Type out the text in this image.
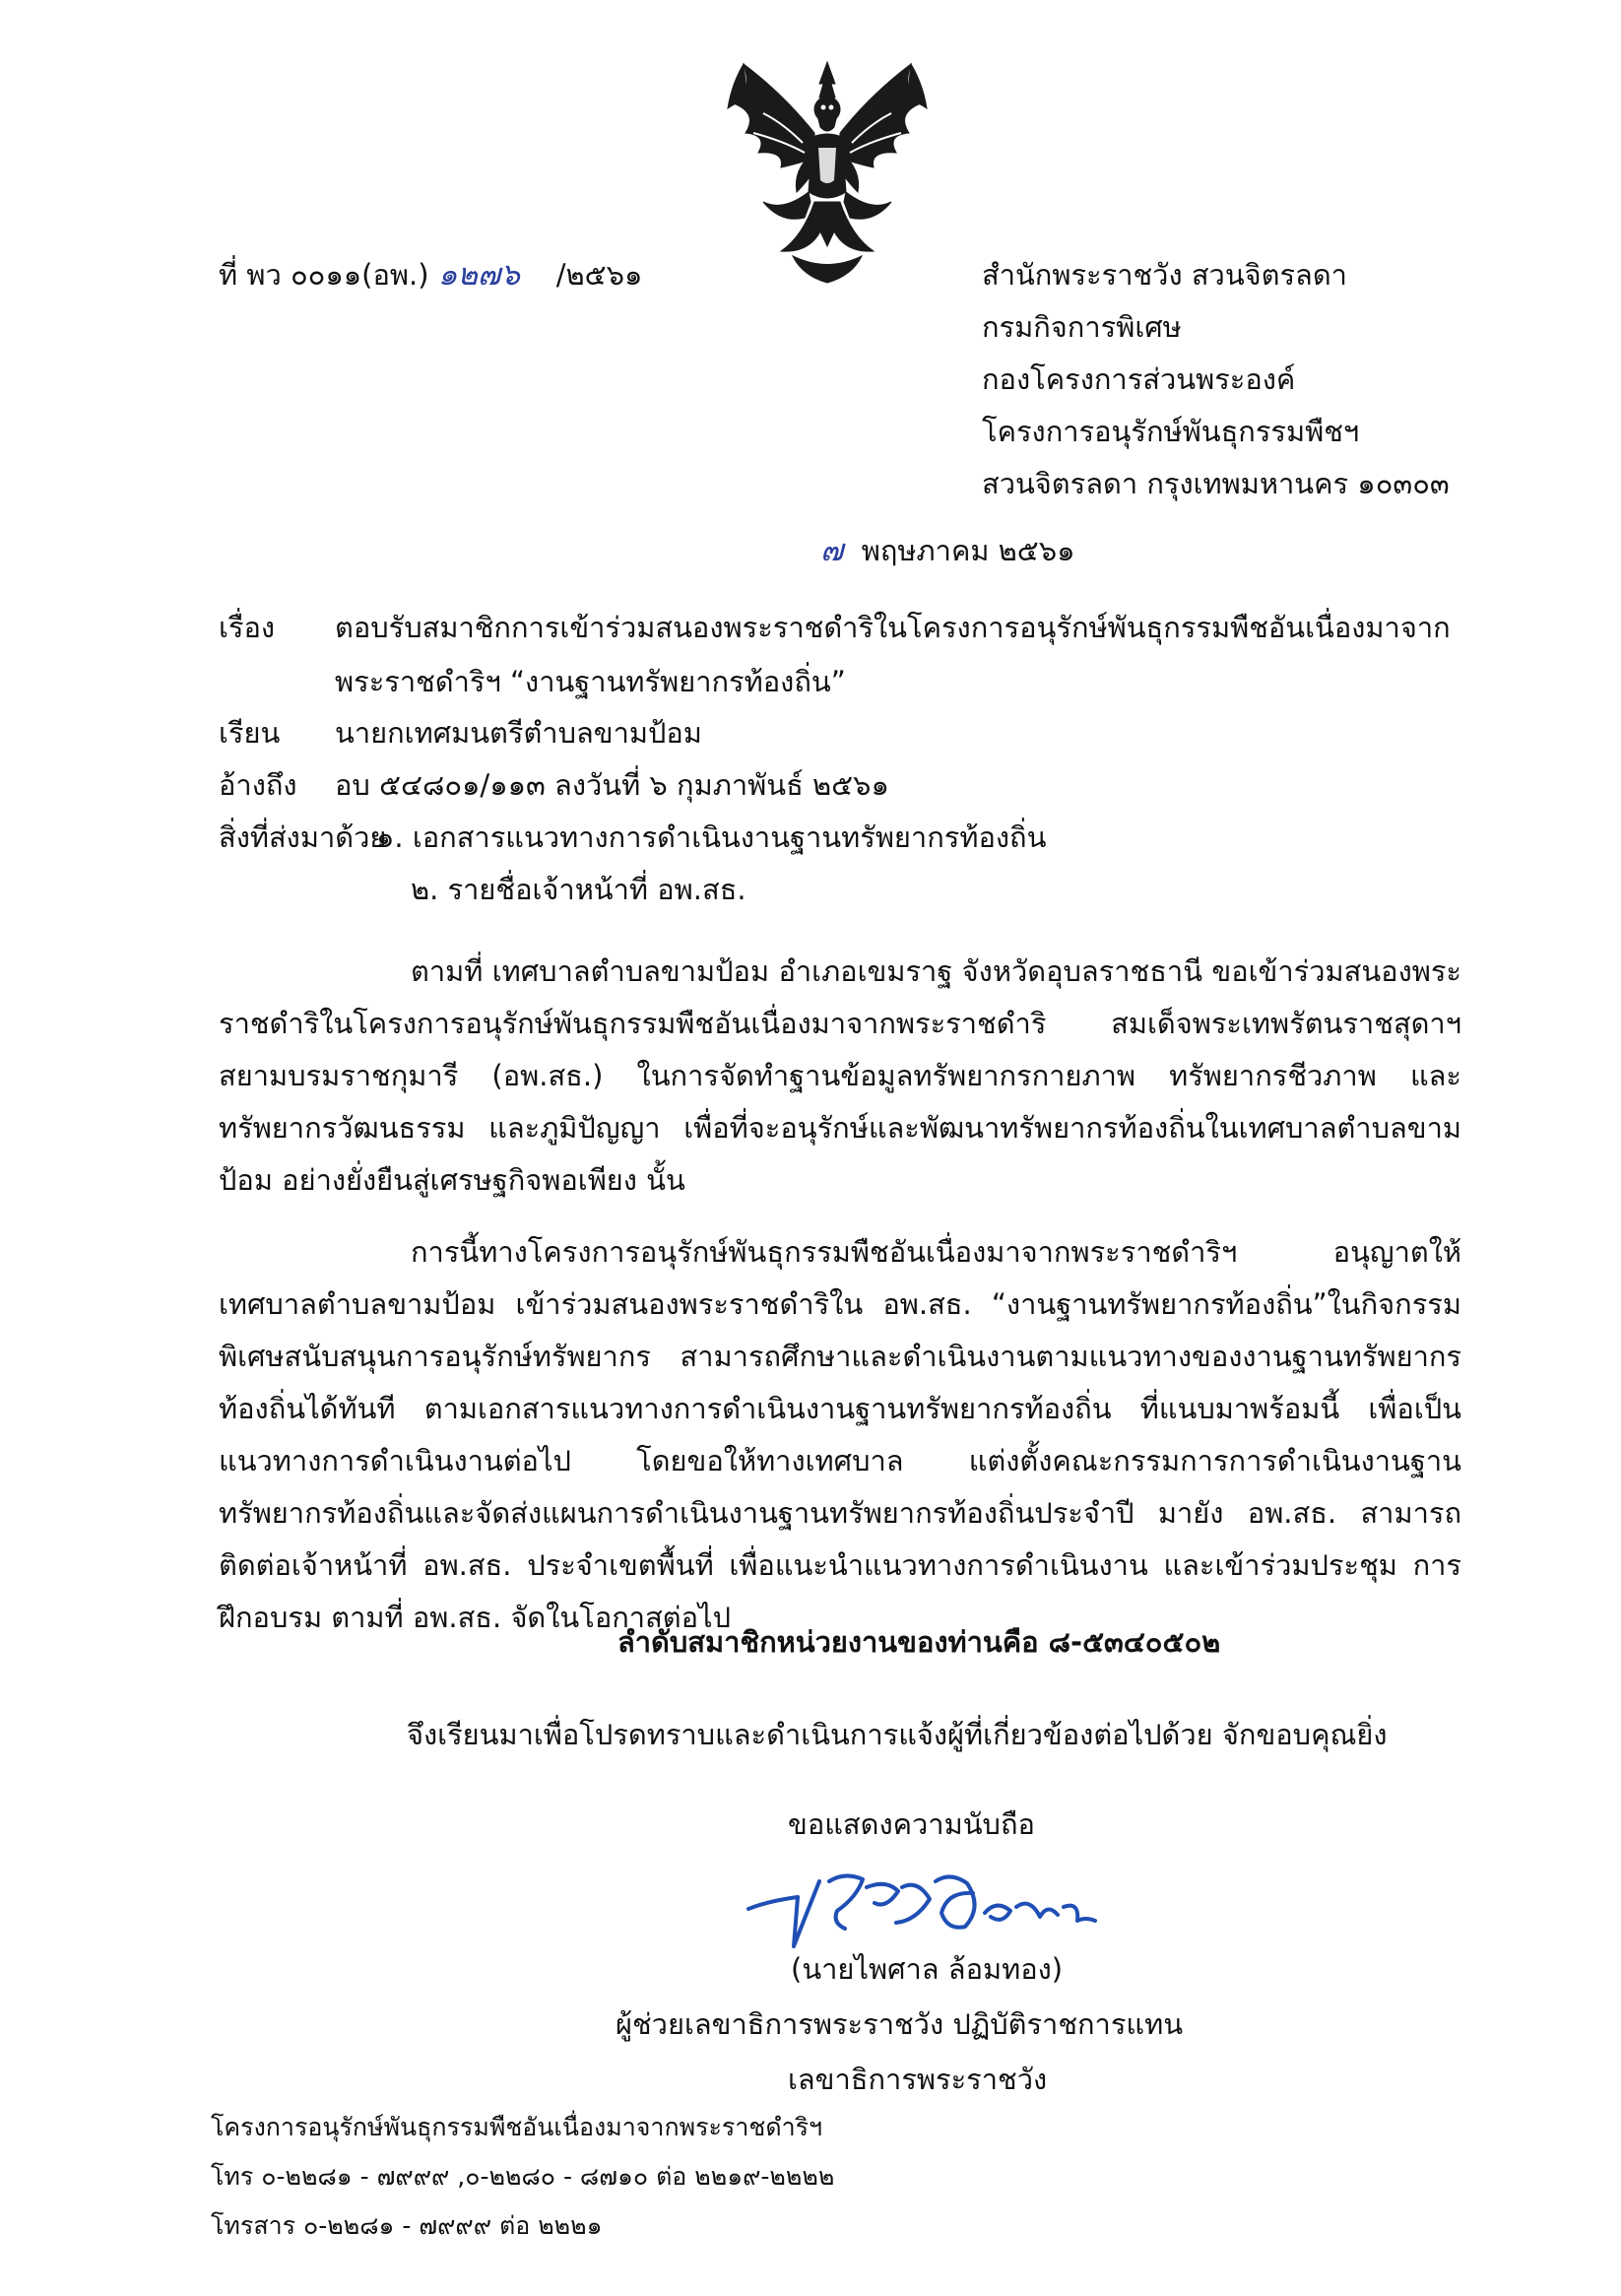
ที่ พว ๐๐๑๑(อพ.) ๑๒๗๖ /๒๕๖๑	สำนักพระราชวัง สวนจิตรลดา
กรมกิจการพิเศษ
กองโครงการส่วนพระองค์
โครงการอนุรักษ์พันธุกรรมพืชฯ
สวนจิตรลดา กรุงเทพมหานคร ๑๐๓๐๓
๗ พฤษภาคม ๒๕๖๑
เรื่อง	ตอบรับสมาชิกการเข้าร่วมสนองพระราชดำริในโครงการอนุรักษ์พันธุกรรมพืชอันเนื่องมาจาก
พระราชดำริฯ “งานฐานทรัพยากรท้องถิ่น”
เรียน	นายกเทศมนตรีตำบลขามป้อม
อ้างถึง	อบ ๕๔๘๐๑/๑๑๓ ลงวันที่ ๖ กุมภาพันธ์ ๒๕๖๑
สิ่งที่ส่งมาด้วย
๑. เอกสารแนวทางการดำเนินงานฐานทรัพยากรท้องถิ่น
๒. รายชื่อเจ้าหน้าที่ อพ.สธ.

ตามที่ เทศบาลตำบลขามป้อม อำเภอเขมราฐ จังหวัดอุบลราชธานี ขอเข้าร่วมสนองพระราชดำริในโครงการอนุรักษ์พันธุกรรมพืชอันเนื่องมาจากพระราชดำริ สมเด็จพระเทพรัตนราชสุดาฯ สยามบรมราชกุมารี (อพ.สธ.) ในการจัดทำฐานข้อมูลทรัพยากรกายภาพ ทรัพยากรชีวภาพ และทรัพยากรวัฒนธรรม และภูมิปัญญา เพื่อที่จะอนุรักษ์และพัฒนาทรัพยากรท้องถิ่นในเทศบาลตำบลขามป้อม อย่างยั่งยืนสู่เศรษฐกิจพอเพียง นั้น

การนี้ทางโครงการอนุรักษ์พันธุกรรมพืชอันเนื่องมาจากพระราชดำริฯ อนุญาตให้เทศบาลตำบลขามป้อม เข้าร่วมสนองพระราชดำริใน อพ.สธ. “งานฐานทรัพยากรท้องถิ่น”ในกิจกรรมพิเศษสนับสนุนการอนุรักษ์ทรัพยากร สามารถศึกษาและดำเนินงานตามแนวทางของงานฐานทรัพยากรท้องถิ่นได้ทันที ตามเอกสารแนวทางการดำเนินงานฐานทรัพยากรท้องถิ่น ที่แนบมาพร้อมนี้ เพื่อเป็นแนวทางการดำเนินงานต่อไป โดยขอให้ทางเทศบาล แต่งตั้งคณะกรรมการการดำเนินงานฐานทรัพยากรท้องถิ่นและจัดส่งแผนการดำเนินงานฐานทรัพยากรท้องถิ่นประจำปี มายัง อพ.สธ. สามารถติดต่อเจ้าหน้าที่ อพ.สธ. ประจำเขตพื้นที่ เพื่อแนะนำแนวทางการดำเนินงาน และเข้าร่วมประชุม การฝึกอบรม ตามที่ อพ.สธ. จัดในโอกาสต่อไป

ลำดับสมาชิกหน่วยงานของท่านคือ ๘-๕๓๔๐๕๐๒
จึงเรียนมาเพื่อโปรดทราบและดำเนินการแจ้งผู้ที่เกี่ยวข้องต่อไปด้วย จักขอบคุณยิ่ง
ขอแสดงความนับถือ
(นายไพศาล ล้อมทอง)
ผู้ช่วยเลขาธิการพระราชวัง ปฏิบัติราชการแทน
เลขาธิการพระราชวัง
โครงการอนุรักษ์พันธุกรรมพืชอันเนื่องมาจากพระราชดำริฯ
โทร ๐-๒๒๘๑ - ๗๙๙๙ ,๐-๒๒๘๐ - ๘๗๑๐ ต่อ ๒๒๑๙-๒๒๒๒
โทรสาร ๐-๒๒๘๑ - ๗๙๙๙ ต่อ ๒๒๒๑
